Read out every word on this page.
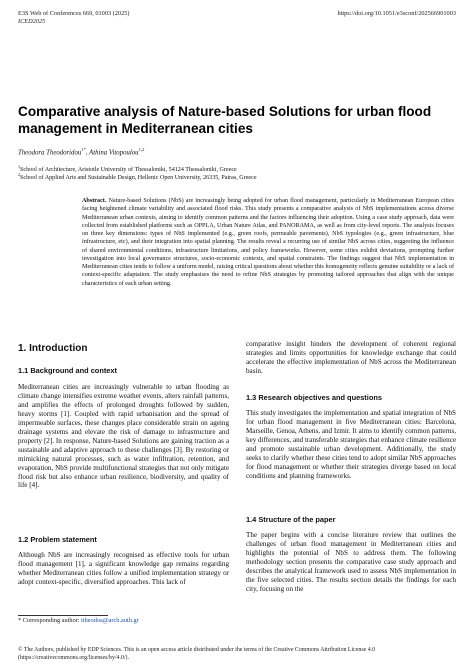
E3S Web of Conferences 669, 01003 (2025)
ICED2025
https://doi.org/10.1051/e3sconf/202566901003
Comparative analysis of Nature-based Solutions for urban flood management in Mediterranean cities
Theodora Theodoridou$^{1*}$, Athina Vitopoulou$^{1,2}$
$^1$School of Architecture, Aristotle University of Thessaloniki, 54124 Thessaloniki, Greece
$^2$School of Applied Arts and Sustainable Design, Hellenic Open University, 26335, Patras, Greece
Abstract. Nature-based Solutions (NbS) are increasingly being adopted for urban flood management, particularly in Mediterranean European cities facing heightened climate variability and associated flood risks. This study presents a comparative analysis of NbS implementations across diverse Mediterranean urban contexts, aiming to identify common patterns and the factors influencing their adoption. Using a case study approach, data were collected from established platforms such as OPPLA, Urban Nature Atlas, and PANORAMA, as well as from city-level reports. The analysis focuses on three key dimensions: types of NbS implemented (e.g., green roofs, permeable pavements), NbS typologies (e.g., green infrastructure, blue infrastructure, etc), and their integration into spatial planning. The results reveal a recurring use of similar NbS across cities, suggesting the influence of shared environmental conditions, infrastructure limitations, and policy frameworks. However, some cities exhibit deviations, prompting further investigation into local governance structures, socio-economic contexts, and spatial constraints. The findings suggest that NbS implementation in Mediterranean cities tends to follow a uniform model, raising critical questions about whether this homogeneity reflects genuine suitability or a lack of context-specific adaptation. The study emphasises the need to refine NbS strategies by promoting tailored approaches that align with the unique characteristics of each urban setting.
1. Introduction
1.1 Background and context
Mediterranean cities are increasingly vulnerable to urban flooding as climate change intensifies extreme weather events, alters rainfall patterns, and amplifies the effects of prolonged droughts followed by sudden, heavy storms [1]. Coupled with rapid urbanisation and the spread of impermeable surfaces, these changes place considerable strain on ageing drainage systems and elevate the risk of damage to infrastructure and property [2]. In response, Nature-based Solutions are gaining traction as a sustainable and adaptive approach to these challenges [3]. By restoring or mimicking natural processes, such as water infiltration, retention, and evaporation, NbS provide multifunctional strategies that not only mitigate flood risk but also enhance urban resilience, biodiversity, and quality of life [4].
1.2 Problem statement
Although NbS are increasingly recognised as effective tools for urban flood management [1], a significant knowledge gap remains regarding whether Mediterranean cities follow a unified implementation strategy or adopt context-specific, diversified approaches. This lack of
* Corresponding author: ttheodoa@arch.auth.gr
comparative insight hinders the development of coherent regional strategies and limits opportunities for knowledge exchange that could accelerate the effective implementation of NbS across the Mediterranean basin.
1.3 Research objectives and questions
This study investigates the implementation and spatial integration of NbS for urban flood management in five Mediterranean cities: Barcelona, Marseille, Genoa, Athens, and Izmir. It aims to identify common patterns, key differences, and transferable strategies that enhance climate resilience and promote sustainable urban development. Additionally, the study seeks to clarify whether these cities tend to adopt similar NbS approaches for flood management or whether their strategies diverge based on local conditions and planning frameworks.
1.4 Structure of the paper
The paper begins with a concise literature review that outlines the challenges of urban flood management in Mediterranean cities and highlights the potential of NbS to address them. The following methodology section presents the comparative case study approach and describes the analytical framework used to assess NbS implementation in the five selected cities. The results section details the findings for each city, focusing on the
© The Authors, published by EDP Sciences. This is an open access article distributed under the terms of the Creative Commons Attribution License 4.0
(https://creativecommons.org/licenses/by/4.0/).
